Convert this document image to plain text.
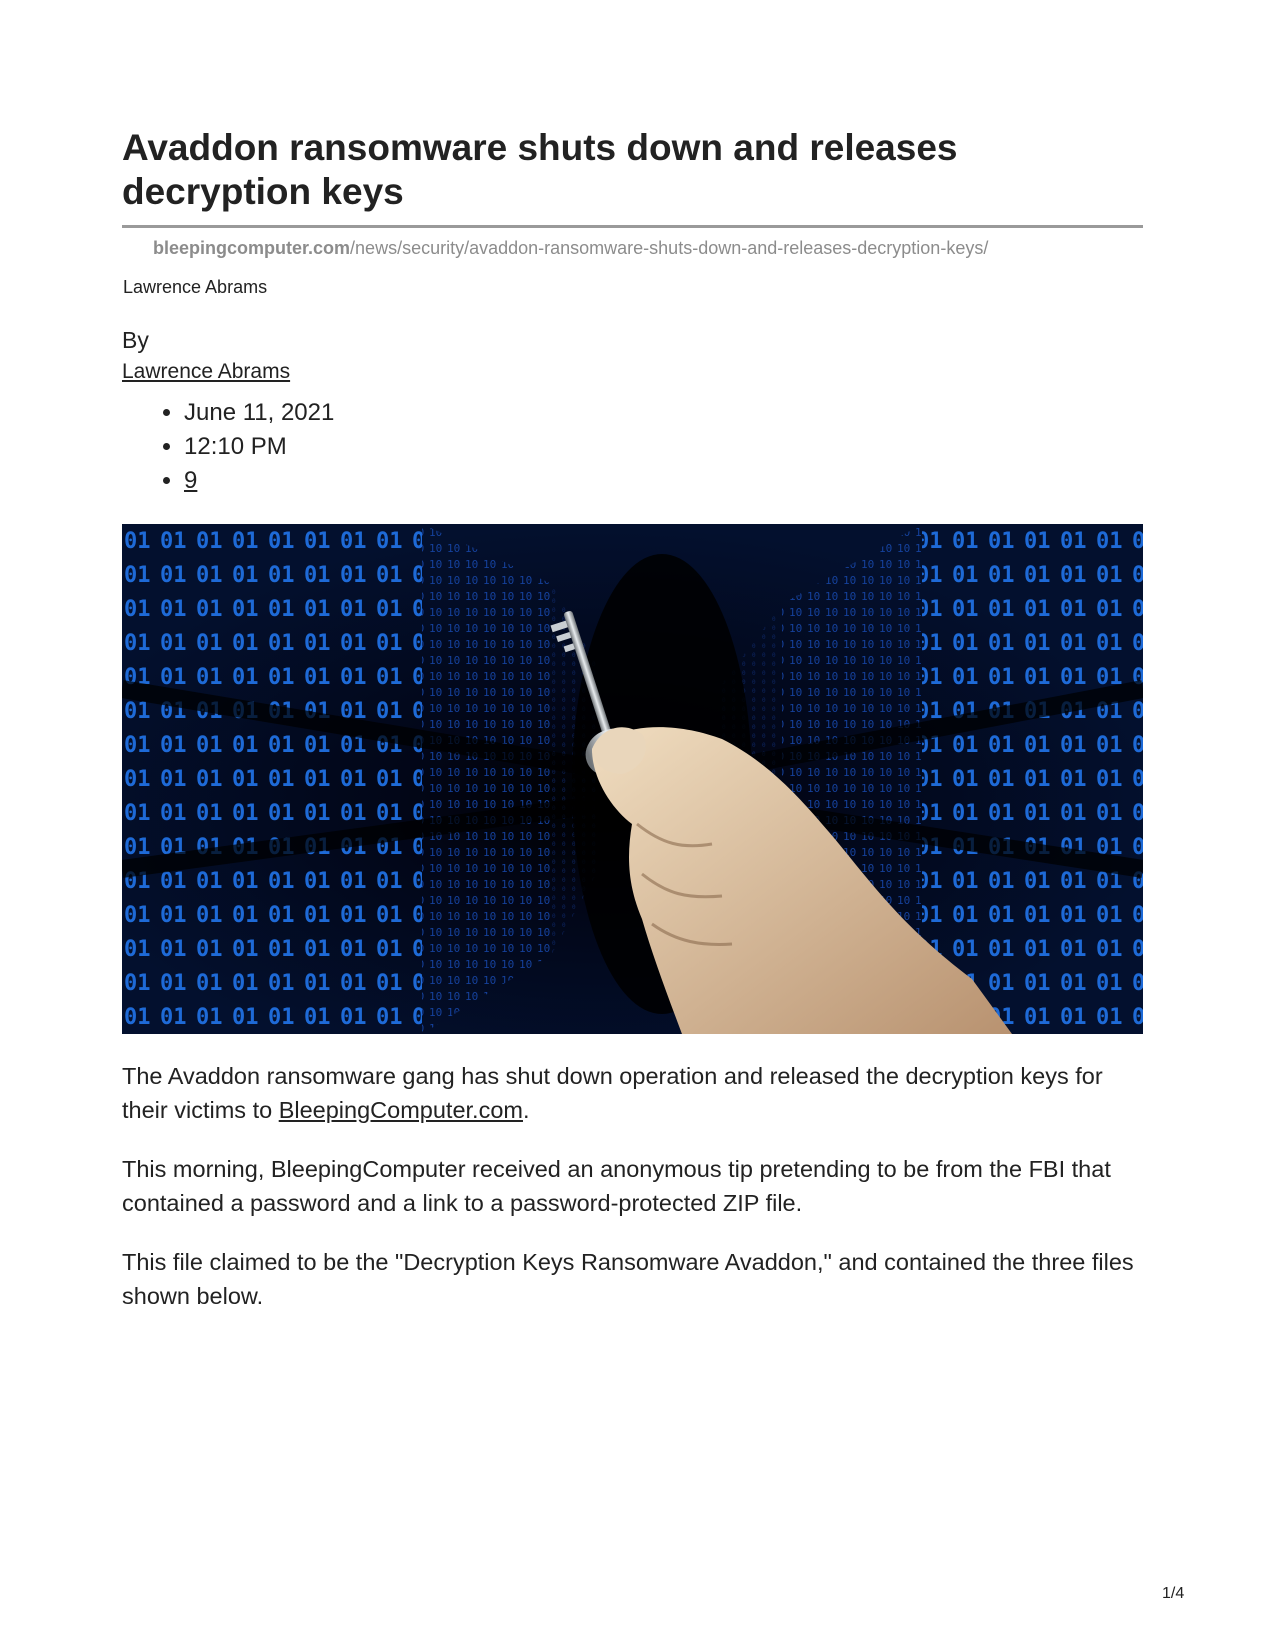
Avaddon ransomware shuts down and releases decryption keys
bleepingcomputer.com/news/security/avaddon-ransomware-shuts-down-and-releases-decryption-keys/
Lawrence Abrams
By
Lawrence Abrams
• June 11, 2021
• 12:10 PM
• 9

The Avaddon ransomware gang has shut down operation and released the decryption keys for their victims to BleepingComputer.com.

This morning, BleepingComputer received an anonymous tip pretending to be from the FBI that contained a password and a link to a password-protected ZIP file.

This file claimed to be the "Decryption Keys Ransomware Avaddon," and contained the three files shown below.

1/4
